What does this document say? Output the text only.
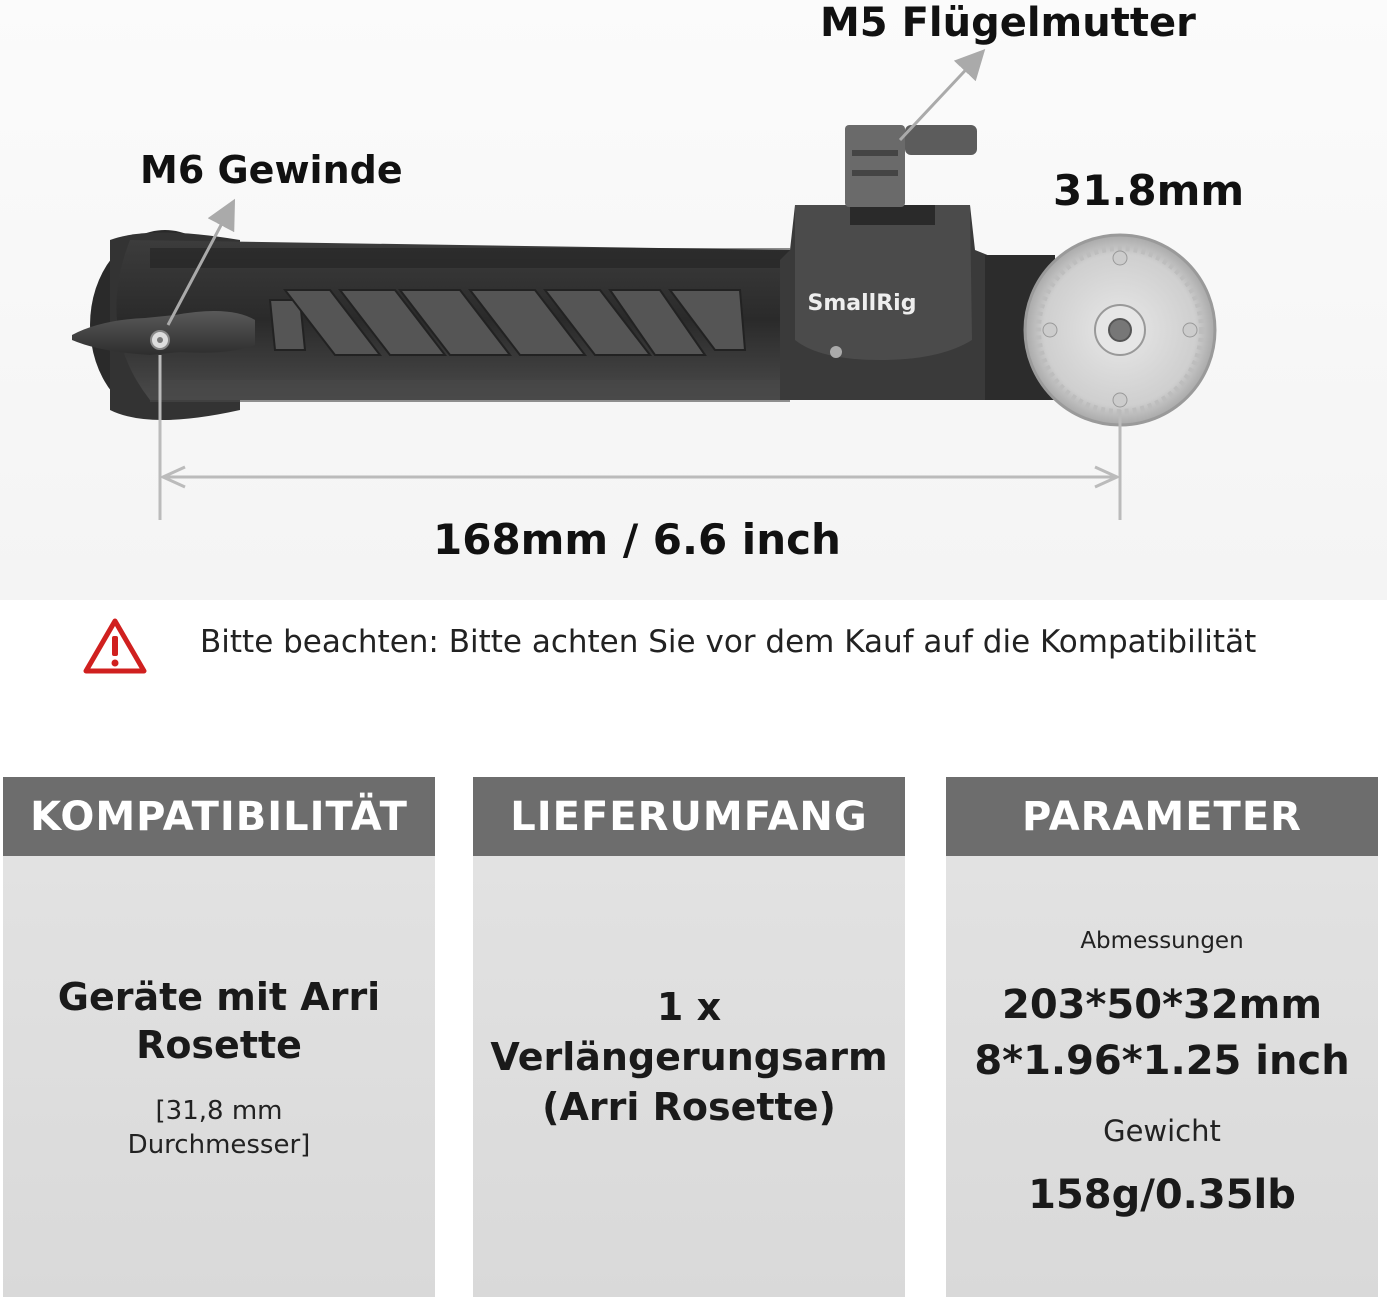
SmallRig
M5 Flügelmutter
M6 Gewinde	31.8mm
168mm / 6.6 inch
Bitte beachten: Bitte achten Sie vor dem Kauf auf die Kompatibilität
KOMPATIBILITÄT
Geräte mit Arri
Rosette
[31,8 mm
Durchmesser]
LIEFERUMFANG
1 x
Verlängerungsarm
(Arri Rosette)
PARAMETER
Abmessungen
203*50*32mm
8*1.96*1.25 inch
Gewicht
158g/0.35lb
